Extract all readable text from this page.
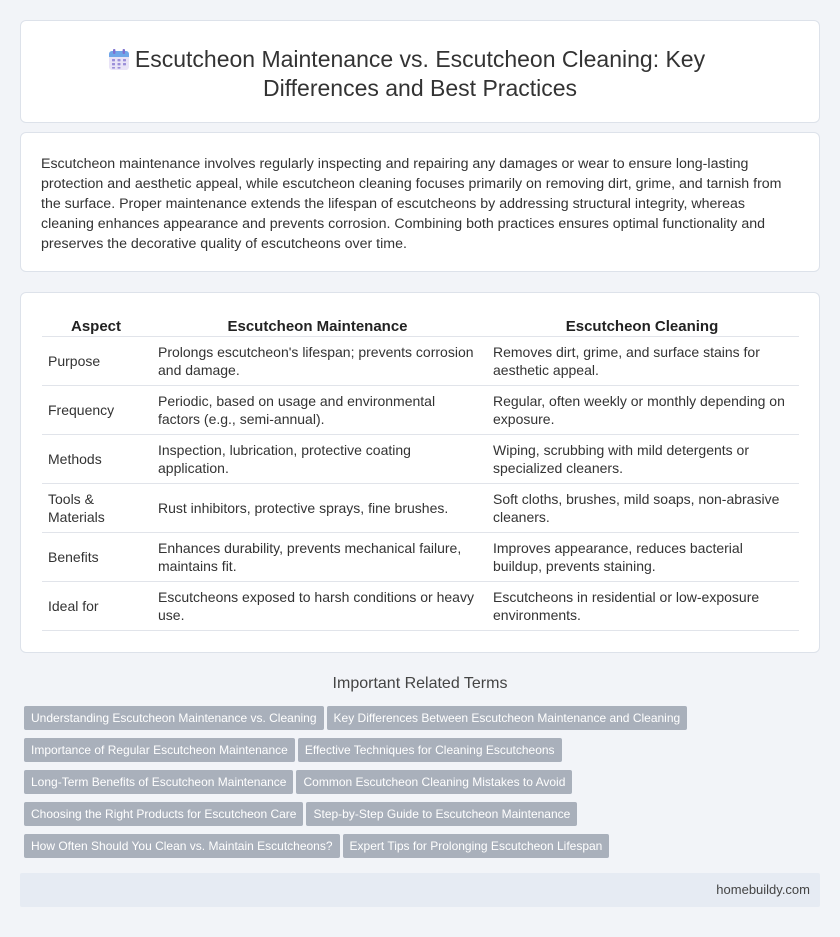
Escutcheon Maintenance vs. Escutcheon Cleaning: Key
Differences and Best Practices

Escutcheon maintenance involves regularly inspecting and repairing any damages or wear to ensure long-lasting protection and aesthetic appeal, while escutcheon cleaning focuses primarily on removing dirt, grime, and tarnish from the surface. Proper maintenance extends the lifespan of escutcheons by addressing structural integrity, whereas cleaning enhances appearance and prevents corrosion. Combining both practices ensures optimal functionality and preserves the decorative quality of escutcheons over time.

Aspect	Escutcheon Maintenance	Escutcheon Cleaning
Purpose	Prolongs escutcheon's lifespan; prevents corrosion and damage.	Removes dirt, grime, and surface stains for aesthetic appeal.
Frequency	Periodic, based on usage and environmental factors (e.g., semi-annual).	Regular, often weekly or monthly depending on exposure.
Methods	Inspection, lubrication, protective coating application.	Wiping, scrubbing with mild detergents or specialized cleaners.
Tools & Materials	Rust inhibitors, protective sprays, fine brushes.	Soft cloths, brushes, mild soaps, non-abrasive cleaners.
Benefits	Enhances durability, prevents mechanical failure, maintains fit.	Improves appearance, reduces bacterial buildup, prevents staining.
Ideal for	Escutcheons exposed to harsh conditions or heavy use.	Escutcheons in residential or low-exposure environments.
Important Related Terms
Understanding Escutcheon Maintenance vs. Cleaning Key Differences Between Escutcheon Maintenance and Cleaning
Importance of Regular Escutcheon Maintenance Effective Techniques for Cleaning Escutcheons
Long-Term Benefits of Escutcheon Maintenance Common Escutcheon Cleaning Mistakes to Avoid
Choosing the Right Products for Escutcheon Care Step-by-Step Guide to Escutcheon Maintenance
How Often Should You Clean vs. Maintain Escutcheons? Expert Tips for Prolonging Escutcheon Lifespan
homebuildy.com
